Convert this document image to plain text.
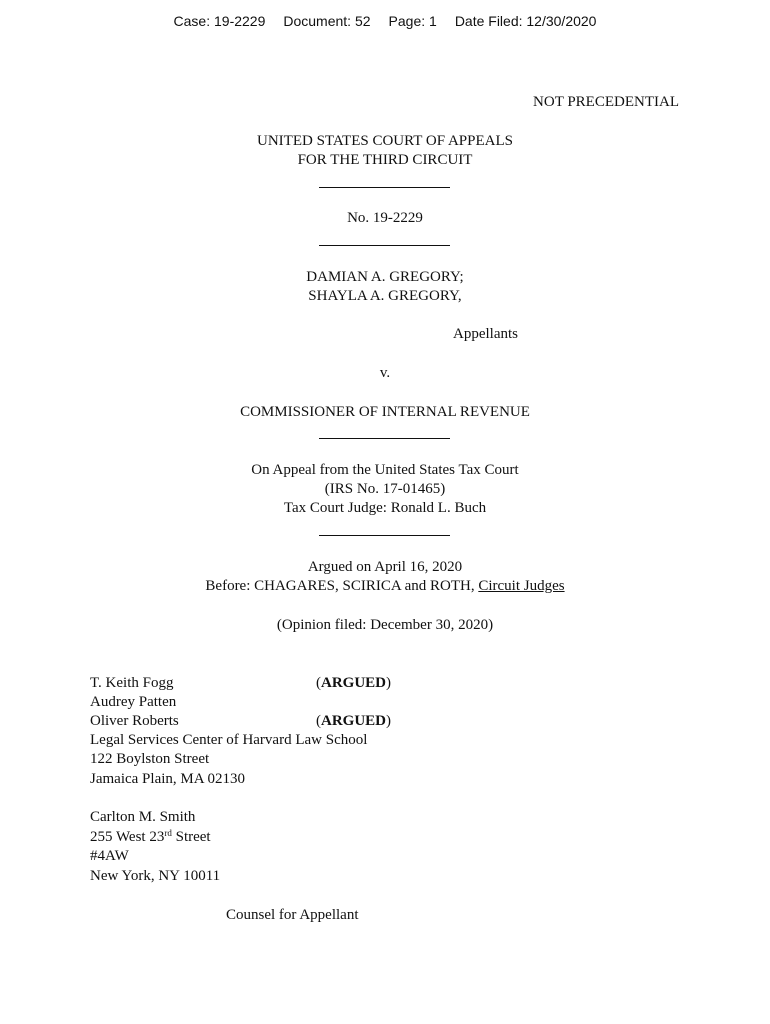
Case: 19-2229 Document: 52 Page: 1 Date Filed: 12/30/2020
NOT PRECEDENTIAL
UNITED STATES COURT OF APPEALS
FOR THE THIRD CIRCUIT
No. 19-2229
DAMIAN A. GREGORY;
SHAYLA A. GREGORY,
Appellants
v.
COMMISSIONER OF INTERNAL REVENUE
On Appeal from the United States Tax Court
(IRS No. 17-01465)
Tax Court Judge: Ronald L. Buch
Argued on April 16, 2020
Before: CHAGARES, SCIRICA and ROTH, Circuit Judges
(Opinion filed: December 30, 2020)
T. Keith Fogg	(ARGUED)
Audrey Patten
Oliver Roberts	(ARGUED)
Legal Services Center of Harvard Law School
122 Boylston Street
Jamaica Plain, MA 02130
Carlton M. Smith
255 West 23rd Street
#4AW
New York, NY 10011
Counsel for Appellant
